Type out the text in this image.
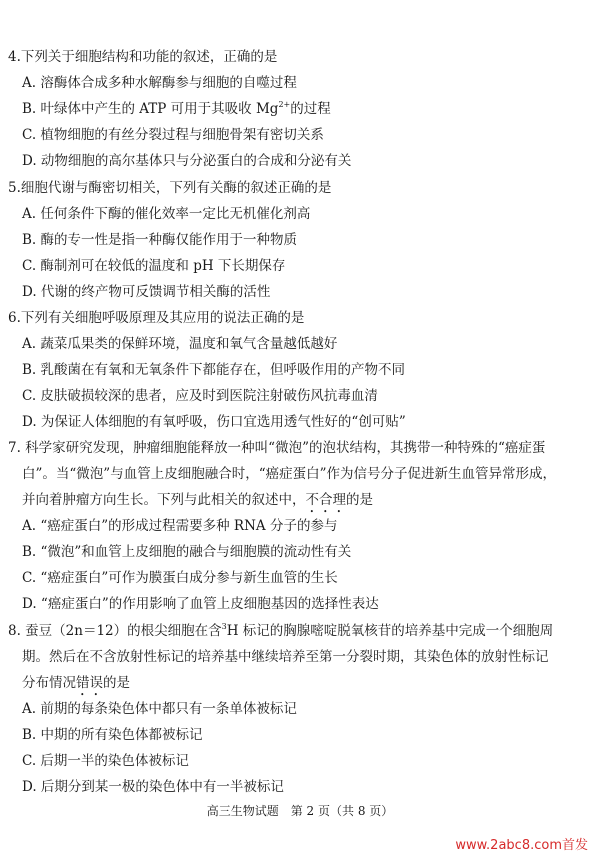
4.下列关于细胞结构和功能的叙述，正确的是
A. 溶酶体合成多种水解酶参与细胞的自噬过程
B. 叶绿体中产生的 ATP 可用于其吸收 $Mg^{2+}$的过程
C. 植物细胞的有丝分裂过程与细胞骨架有密切关系
D. 动物细胞的高尔基体只与分泌蛋白的合成和分泌有关
5.细胞代谢与酶密切相关，下列有关酶的叙述正确的是
A. 任何条件下酶的催化效率一定比无机催化剂高
B. 酶的专一性是指一种酶仅能作用于一种物质
C. 酶制剂可在较低的温度和 pH 下长期保存
D. 代谢的终产物可反馈调节相关酶的活性
6.下列有关细胞呼吸原理及其应用的说法正确的是
A. 蔬菜瓜果类的保鲜环境，温度和氧气含量越低越好
B. 乳酸菌在有氧和无氧条件下都能存在，但呼吸作用的产物不同
C. 皮肤破损较深的患者，应及时到医院注射破伤风抗毒血清
D. 为保证人体细胞的有氧呼吸，伤口宜选用透气性好的“创可贴”
7. 科学家研究发现，肿瘤细胞能释放一种叫“微泡”的泡状结构，其携带一种特殊的“癌症蛋
白”。当“微泡”与血管上皮细胞融合时，“癌症蛋白”作为信号分子促进新生血管异常形成，
并向着肿瘤方向生长。下列与此相关的叙述中，不合理的是
A. “癌症蛋白”的形成过程需要多种 RNA 分子的参与
B. “微泡”和血管上皮细胞的融合与细胞膜的流动性有关
C. “癌症蛋白”可作为膜蛋白成分参与新生血管的生长
D. “癌症蛋白”的作用影响了血管上皮细胞基因的选择性表达
8. 蚕豆（2n＝12）的根尖细胞在含$^3$H 标记的胸腺嘧啶脱氧核苷的培养基中完成一个细胞周
期。然后在不含放射性标记的培养基中继续培养至第一分裂时期，其染色体的放射性标记
分布情况错误的是
A. 前期的每条染色体中都只有一条单体被标记
B. 中期的所有染色体都被标记
C. 后期一半的染色体被标记
D. 后期分到某一极的染色体中有一半被标记
高三生物试题　第 2 页（共 8 页）
www.2abc8.com首发
